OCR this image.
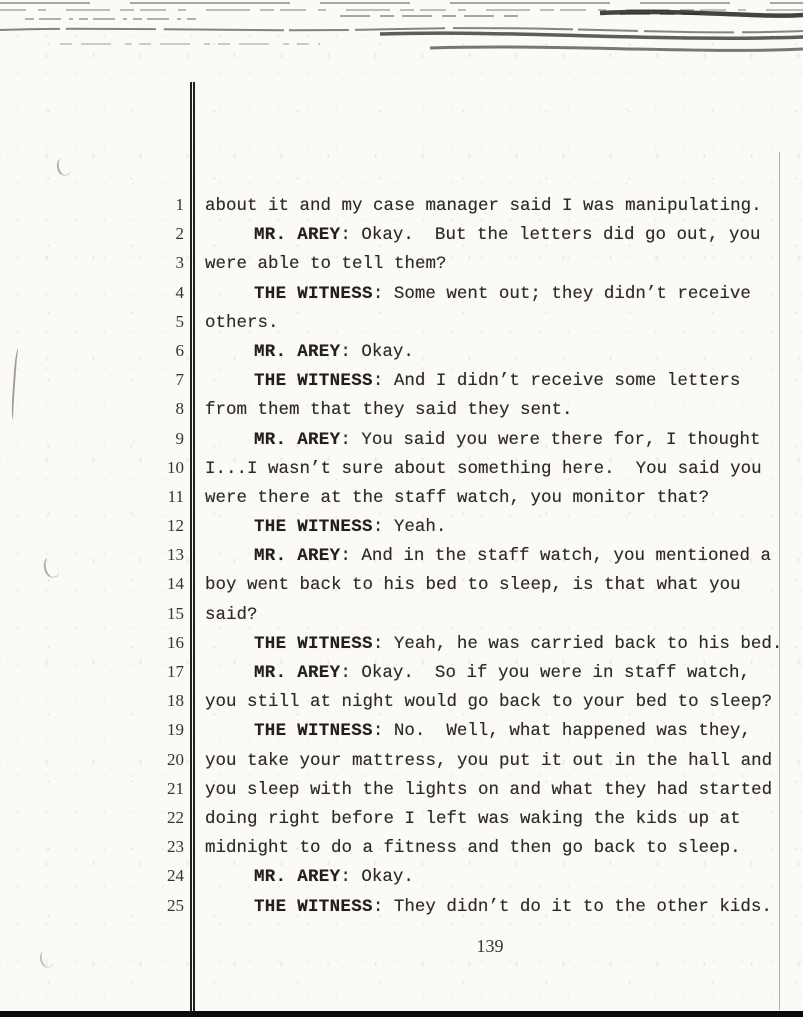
1	about it and my case manager said I was manipulating.
2	MR. AREY: Okay.  But the letters did go out, you
3	were able to tell them?
4	THE WITNESS: Some went out; they didn’t receive
5	others.
6	MR. AREY: Okay.
7	THE WITNESS: And I didn’t receive some letters
8	from them that they said they sent.
9	MR. AREY: You said you were there for, I thought
10	I...I wasn’t sure about something here.  You said you
11	were there at the staff watch, you monitor that?
12	THE WITNESS: Yeah.
13	MR. AREY: And in the staff watch, you mentioned a
14	boy went back to his bed to sleep, is that what you
15	said?
16	THE WITNESS: Yeah, he was carried back to his bed.
17	MR. AREY: Okay.  So if you were in staff watch,
18	you still at night would go back to your bed to sleep?
19	THE WITNESS: No.  Well, what happened was they,
20	you take your mattress, you put it out in the hall and
21	you sleep with the lights on and what they had started
22	doing right before I left was waking the kids up at
23	midnight to do a fitness and then go back to sleep.
24	MR. AREY: Okay.
25	THE WITNESS: They didn’t do it to the other kids.
139
